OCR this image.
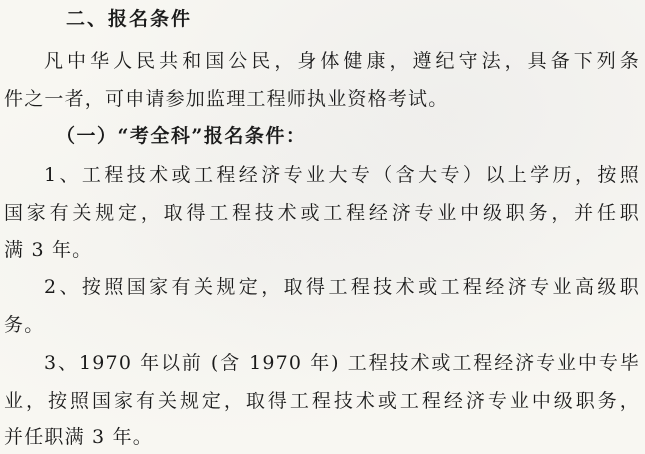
二、报名条件
凡中华人民共和国公民，身体健康，遵纪守法，具备下列条
件之一者，可申请参加监理工程师执业资格考试。
（一）“考全科”报名条件：
1、工程技术或工程经济专业大专（含大专）以上学历，按照
国家有关规定，取得工程技术或工程经济专业中级职务，并任职
满 3 年。
2、按照国家有关规定，取得工程技术或工程经济专业高级职
务。
3、1970 年以前 (含 1970 年) 工程技术或工程经济专业中专毕
业，按照国家有关规定，取得工程技术或工程经济专业中级职务，
并任职满 3 年。
